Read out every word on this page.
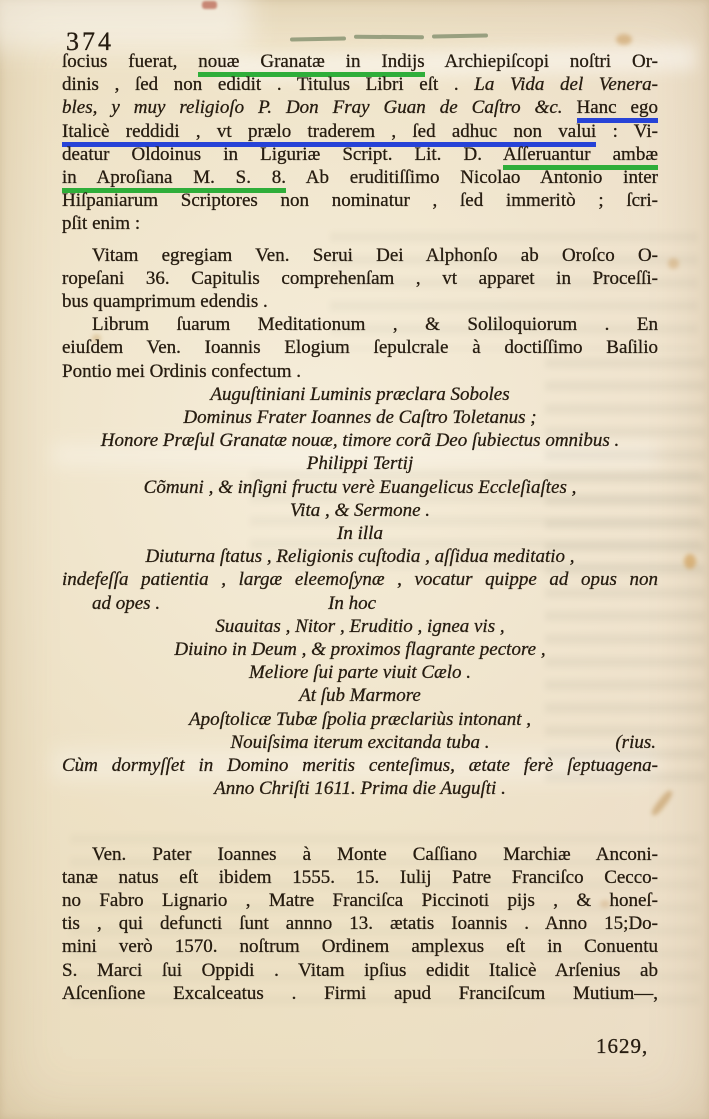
374
ſocius fuerat, nouæ Granatæ in Indijs Archiepiſcopi noſtri Or-
dinis , ſed non edidit . Titulus Libri eſt . La Vida del Venera-
bles, y muy religioſo P. Don Fray Guan de Caſtro &c. Hanc ego
Italicè reddidi , vt prælo traderem , ſed adhuc non valui : Vi-
deatur Oldoinus in Liguriæ Script. Lit. D. Aſſeruantur ambæ
in Aproſiana M. S. 8. Ab eruditiſſimo Nicolao Antonio inter
Hiſpaniarum Scriptores non nominatur , ſed immeritò ; ſcri-
pſit enim :
Vitam egregiam Ven. Serui Dei Alphonſo ab Oroſco O-
ropeſani 36. Capitulis comprehenſam , vt apparet in Proceſſi-
bus quamprimum edendis .
Librum ſuarum Meditationum , & Soliloquiorum . En
eiuſdem Ven. Ioannis Elogium ſepulcrale à doctiſſimo Baſilio
Pontio mei Ordinis confectum .
Auguſtiniani Luminis præclara Soboles
Dominus Frater Ioannes de Caſtro Toletanus ;
Honore Præſul Granatæ nouæ, timore corã Deo ſubiectus omnibus .
Philippi Tertij
Cõmuni , & inſigni fructu verè Euangelicus Eccleſiaſtes ,
Vita , & Sermone .
In illa
Diuturna ſtatus , Religionis cuſtodia , aſſidua meditatio ,
indefeſſa patientia , largæ eleemoſynæ , vocatur quippe ad opus non
ad opes .	In hoc
Suauitas , Nitor , Eruditio , ignea vis ,
Diuino in Deum , & proximos flagrante pectore ,
Meliore ſui parte viuit Cælo .
At ſub Marmore
Apoſtolicæ Tubæ ſpolia præclariùs intonant ,
Nouiſsima iterum excitanda tuba .	(rius.
Cùm dormyſſet in Domino meritis centeſimus, ætate ferè ſeptuagena-
Anno Chriſti 1611. Prima die Auguſti .
Ven. Pater Ioannes à Monte Caſſiano Marchiæ Anconi-
tanæ natus eſt ibidem 1555. 15. Iulij Patre Franciſco Cecco-
no Fabro Lignario , Matre Franciſca Piccinoti pijs , & honeſ-
tis , qui defuncti ſunt annno 13. ætatis Ioannis . Anno 15;Do-
mini verò 1570. noſtrum Ordinem amplexus eſt in Conuentu
S. Marci ſui Oppidi . Vitam ipſius edidit Italicè Arſenius ab
Aſcenſione Excalceatus . Firmi apud Franciſcum Mutium—,
1629,
